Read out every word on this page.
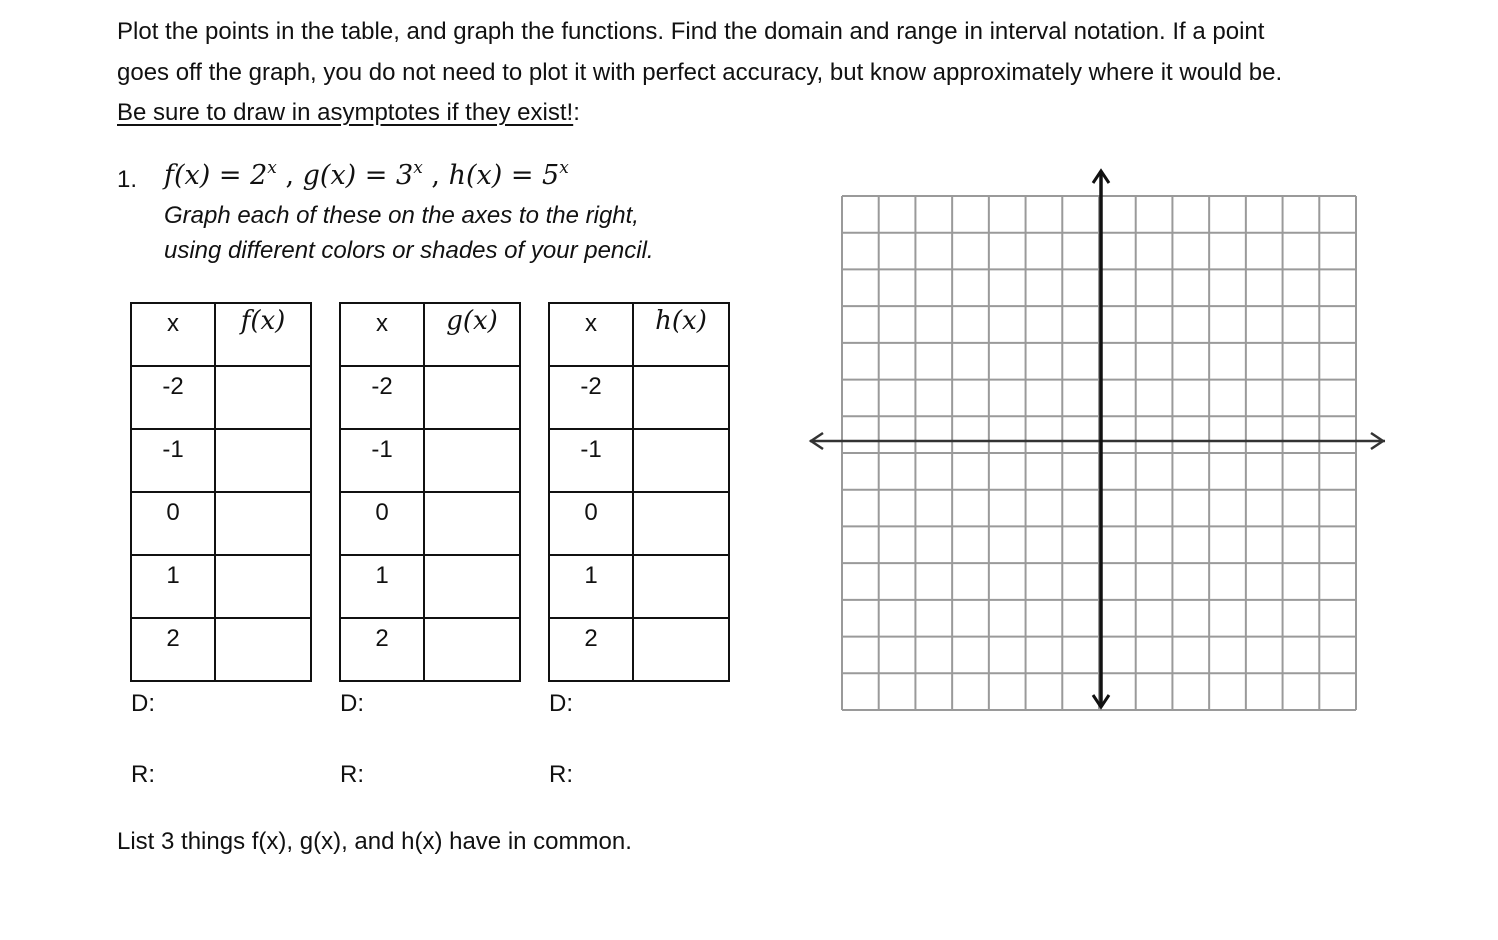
Plot the points in the table, and graph the functions. Find the domain and range in interval notation. If a point
goes off the graph, you do not need to plot it with perfect accuracy, but know approximately where it would be.
Be sure to draw in asymptotes if they exist!:
1. $f(x) = 2^x$ , $g(x) = 3^x$ , $h(x) = 5^x$
Graph each of these on the axes to the right,
using different colors or shades of your pencil.
x	f(x)
-2	
-1	
0	
1	
2	
x	g(x)
-2	
-1	
0	
1	
2	
x	h(x)
-2	
-1	
0	
1	
2	
D:	D:	D:
R:	R:	R:
List 3 things f(x), g(x), and h(x) have in common.
